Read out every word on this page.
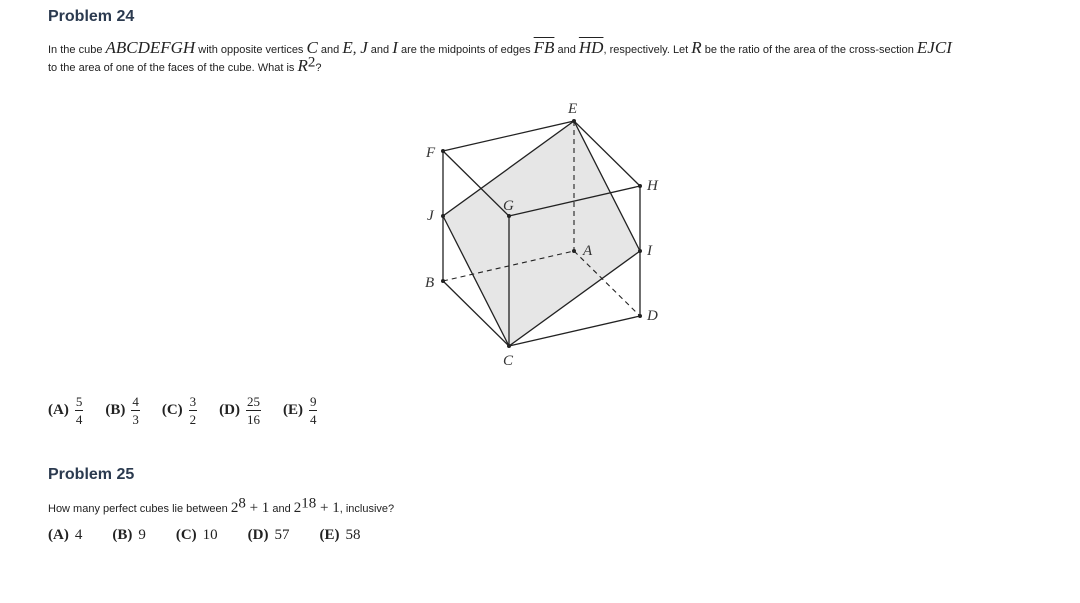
Problem 24

In the cube ABCDEFGH with opposite vertices C and E, J and I are the midpoints of edges $\overline{FB}$ and $\overline{HD}$, respectively. Let R be the ratio of the area of the cross-section EJCI
to the area of one of the faces of the cube. What is $R^2$?

E
F
H
G
J
A	I
B
D
C
$(A) \frac{5}{4} (B) \frac{4}{3} (C) \frac{3}{2} (D) \frac{25}{16} (E) \frac{9}{4}$
Problem 25

How many perfect cubes lie between $2^8 + 1$ and $2^{18} + 1$, inclusive?

(A) 4 (B) 9 (C) 10 (D) 57 (E) 58
